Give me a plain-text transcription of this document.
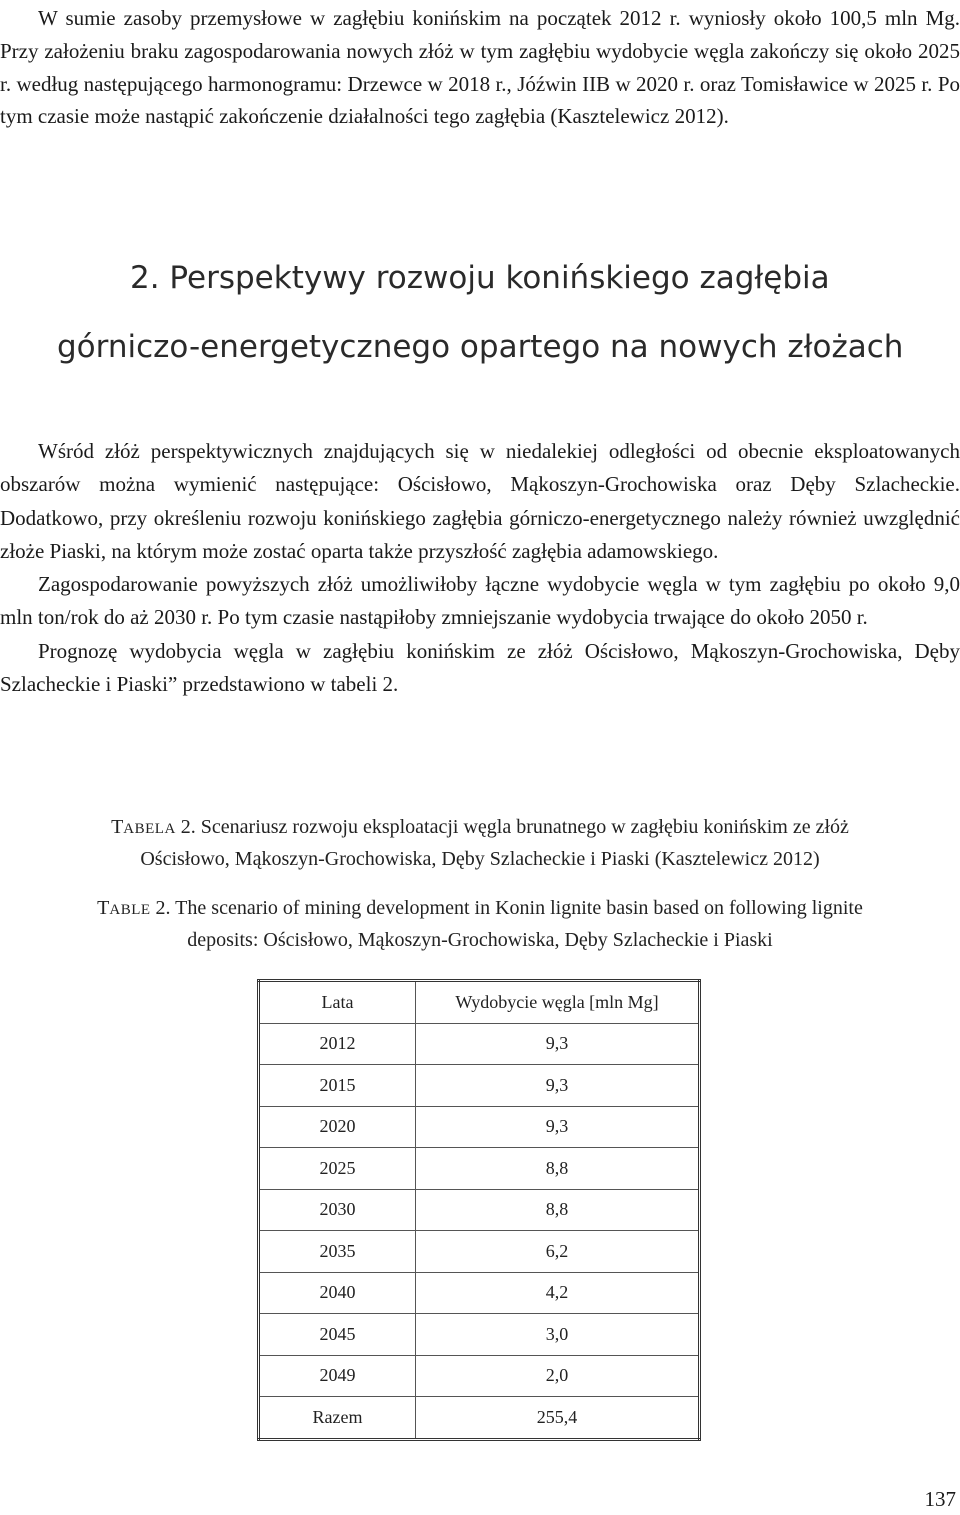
W sumie zasoby przemysłowe w zagłębiu konińskim na początek 2012 r. wyniosły około 100,5 mln Mg. Przy założeniu braku zagospodarowania nowych złóż w tym zagłębiu wydobycie węgla zakończy się około 2025 r. według następującego harmonogramu: Drzewce w 2018 r., Jóźwin IIB w 2020 r. oraz Tomisławice w 2025 r. Po tym czasie może nastąpić zakończenie działalności tego zagłębia (Kasztelewicz 2012).

2. Perspektywy rozwoju konińskiego zagłębia
górniczo-energetycznego opartego na nowych złożach

Wśród złóż perspektywicznych znajdujących się w niedalekiej odległości od obecnie eksploatowanych obszarów można wymienić następujące: Ościsłowo, Mąkoszyn-Grochowiska oraz Dęby Szlacheckie. Dodatkowo, przy określeniu rozwoju konińskiego zagłębia górniczo-energetycznego należy również uwzględnić złoże Piaski, na którym może zostać oparta także przyszłość zagłębia adamowskiego.

Zagospodarowanie powyższych złóż umożliwiłoby łączne wydobycie węgla w tym zagłębiu po około 9,0 mln ton/rok do aż 2030 r. Po tym czasie nastąpiłoby zmniejszanie wydobycia trwające do około 2050 r.

Prognozę wydobycia węgla w zagłębiu konińskim ze złóż Ościsłowo, Mąkoszyn-Grochowiska, Dęby Szlacheckie i Piaski” przedstawiono w tabeli 2.

TABELA 2. Scenariusz rozwoju eksploatacji węgla brunatnego w zagłębiu konińskim ze złóż
Ościsłowo, Mąkoszyn-Grochowiska, Dęby Szlacheckie i Piaski (Kasztelewicz 2012)
TABLE 2. The scenario of mining development in Konin lignite basin based on following lignite
deposits: Ościsłowo, Mąkoszyn-Grochowiska, Dęby Szlacheckie i Piaski
Lata	Wydobycie węgla [mln Mg]
2012	9,3
2015	9,3
2020	9,3
2025	8,8
2030	8,8
2035	6,2
2040	4,2
2045	3,0
2049	2,0
Razem	255,4
137
